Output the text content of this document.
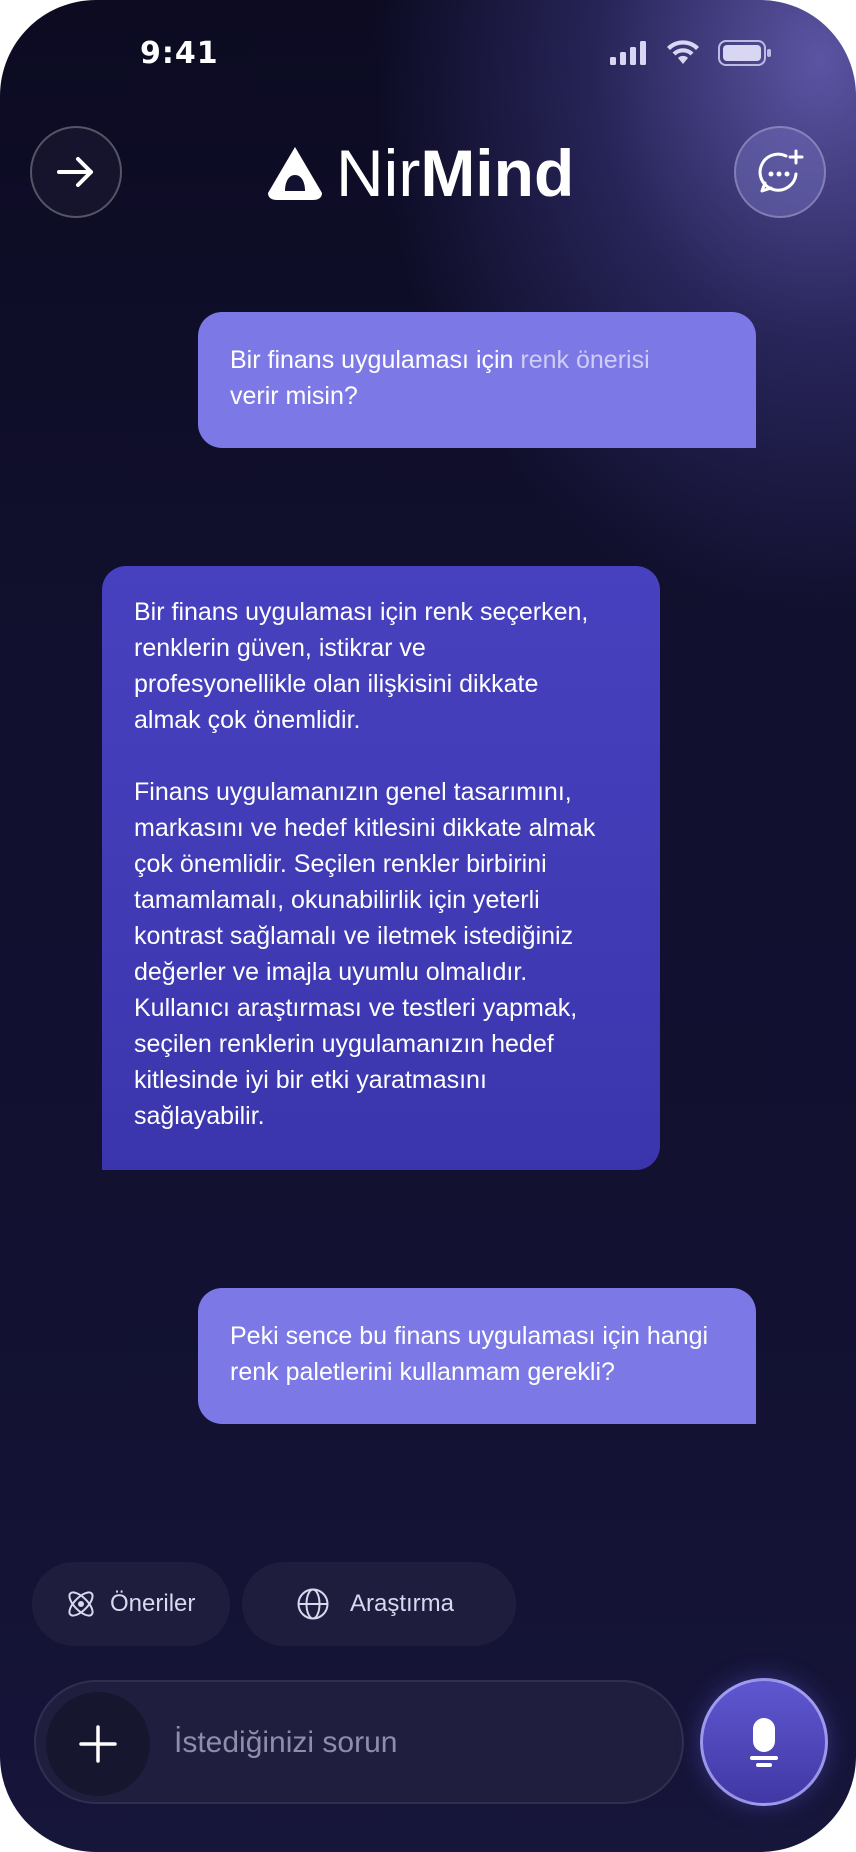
9:41
NirMind
Bir finans uygulaması için renk önerisi
verir misin?

Bir finans uygulaması için renk seçerken,
renklerin güven, istikrar ve
profesyonellikle olan ilişkisini dikkate
almak çok önemlidir.

Finans uygulamanızın genel tasarımını,
markasını ve hedef kitlesini dikkate almak
çok önemlidir. Seçilen renkler birbirini
tamamlamalı, okunabilirlik için yeterli
kontrast sağlamalı ve iletmek istediğiniz
değerler ve imajla uyumlu olmalıdır.
Kullanıcı araştırması ve testleri yapmak,
seçilen renklerin uygulamanızın hedef
kitlesinde iyi bir etki yaratmasını
sağlayabilir.

Peki sence bu finans uygulaması için hangi renk paletlerini kullanmam gerekli?
Öneriler	Araştırma
İstediğinizi sorun
